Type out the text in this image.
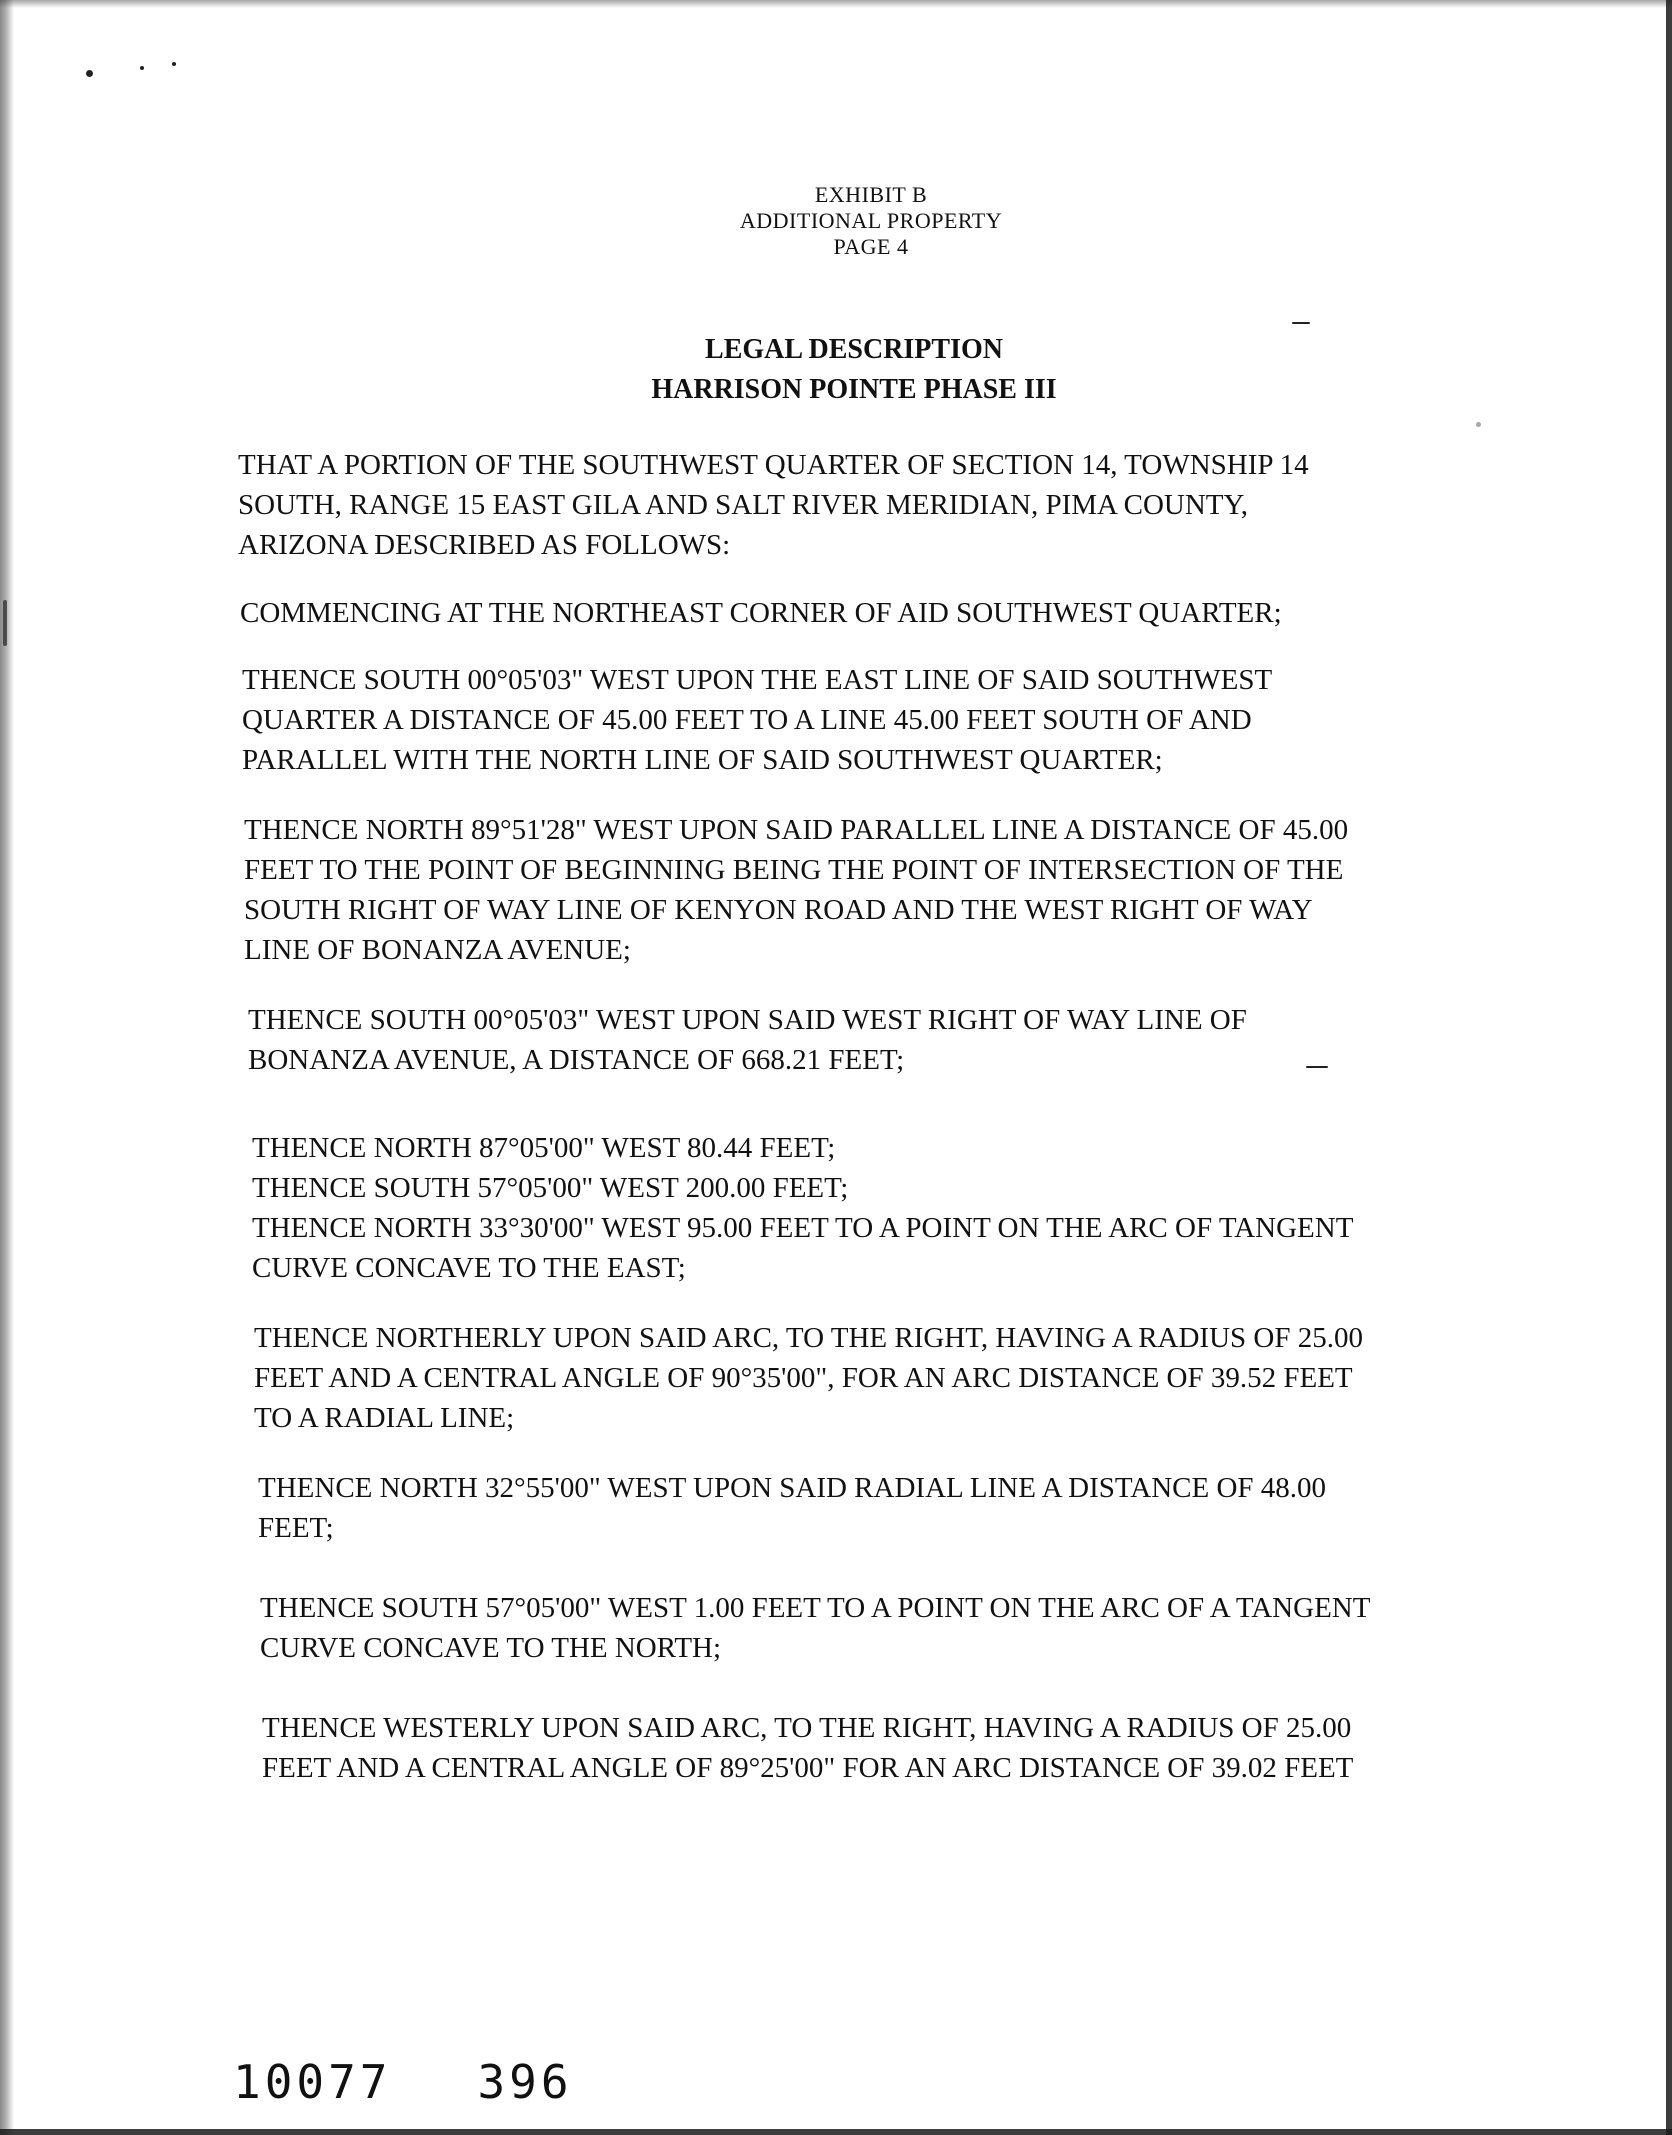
EXHIBIT B
ADDITIONAL PROPERTY
PAGE 4
LEGAL DESCRIPTION
HARRISON POINTE PHASE III
THAT A PORTION OF THE SOUTHWEST QUARTER OF SECTION 14, TOWNSHIP 14
SOUTH, RANGE 15 EAST GILA AND SALT RIVER MERIDIAN, PIMA COUNTY,
ARIZONA DESCRIBED AS FOLLOWS:
COMMENCING AT THE NORTHEAST CORNER OF AID SOUTHWEST QUARTER;
THENCE SOUTH 00°05'03" WEST UPON THE EAST LINE OF SAID SOUTHWEST
QUARTER A DISTANCE OF 45.00 FEET TO A LINE 45.00 FEET SOUTH OF AND
PARALLEL WITH THE NORTH LINE OF SAID SOUTHWEST QUARTER;
THENCE NORTH 89°51'28" WEST UPON SAID PARALLEL LINE A DISTANCE OF 45.00
FEET TO THE POINT OF BEGINNING BEING THE POINT OF INTERSECTION OF THE
SOUTH RIGHT OF WAY LINE OF KENYON ROAD AND THE WEST RIGHT OF WAY
LINE OF BONANZA AVENUE;
THENCE SOUTH 00°05'03" WEST UPON SAID WEST RIGHT OF WAY LINE OF
BONANZA AVENUE, A DISTANCE OF 668.21 FEET;
THENCE NORTH 87°05'00" WEST 80.44 FEET;
THENCE SOUTH 57°05'00" WEST 200.00 FEET;
THENCE NORTH 33°30'00" WEST 95.00 FEET TO A POINT ON THE ARC OF TANGENT
CURVE CONCAVE TO THE EAST;
THENCE NORTHERLY UPON SAID ARC, TO THE RIGHT, HAVING A RADIUS OF 25.00
FEET AND A CENTRAL ANGLE OF 90°35'00", FOR AN ARC DISTANCE OF 39.52 FEET
TO A RADIAL LINE;
THENCE NORTH 32°55'00" WEST UPON SAID RADIAL LINE A DISTANCE OF 48.00
FEET;
THENCE SOUTH 57°05'00" WEST 1.00 FEET TO A POINT ON THE ARC OF A TANGENT
CURVE CONCAVE TO THE NORTH;
THENCE WESTERLY UPON SAID ARC, TO THE RIGHT, HAVING A RADIUS OF 25.00
FEET AND A CENTRAL ANGLE OF 89°25'00" FOR AN ARC DISTANCE OF 39.02 FEET
10077 396
